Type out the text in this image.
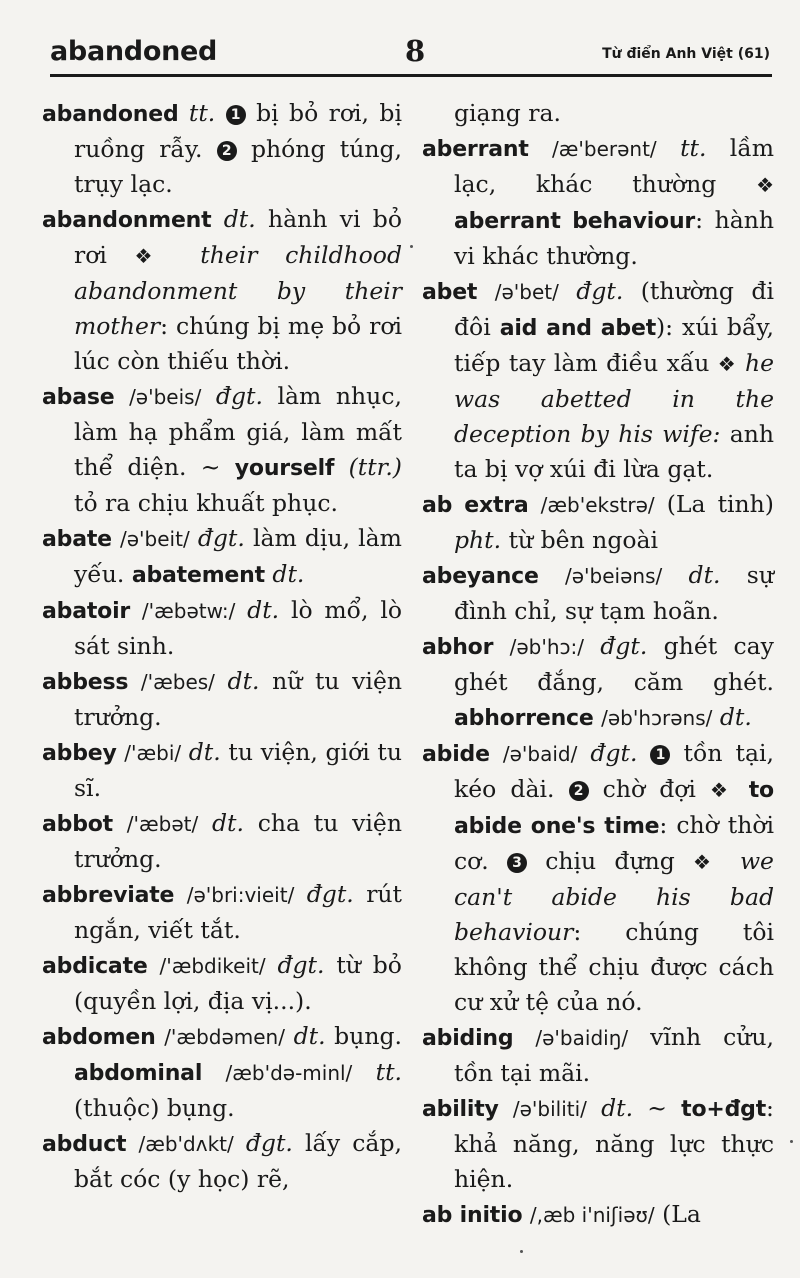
abandoned	8	Từ điển Anh Việt (61)

abandoned tt. 1 bị bỏ rơi, bị ruồng rẫy. 2 phóng túng, trụy lạc.

abandonment dt. hành vi bỏ rơi ❖ their childhood abandonment by their mother: chúng bị mẹ bỏ rơi lúc còn thiếu thời.

abase /ə'beis/ đgt. làm nhục, làm hạ phẩm giá, làm mất thể diện. ~ yourself (ttr.) tỏ ra chịu khuất phục.

abate /ə'beit/ đgt. làm dịu, làm yếu. abatement dt.

abatoir /'æbətw:/ dt. lò mổ, lò sát sinh.

abbess /'æbes/ dt. nữ tu viện trưởng.

abbey /'æbi/ dt. tu viện, giới tu sĩ.

abbot /'æbət/ dt. cha tu viện trưởng.

abbreviate /ə'bri:vieit/ đgt. rút ngắn, viết tắt.

abdicate /'æbdikeit/ đgt. từ bỏ (quyền lợi, địa vị...).

abdomen /'æbdəmen/ dt. bụng. abdominal /æb'də-minl/ tt. (thuộc) bụng.

abduct /æb'dʌkt/ đgt. lấy cắp, bắt cóc (y học) rẽ,

giạng ra.

aberrant /æ'berənt/ tt. lầm lạc, khác thường ❖ aberrant behaviour: hành vi khác thường.

abet /ə'bet/ đgt. (thường đi đôi aid and abet): xúi bẩy, tiếp tay làm điều xấu ❖ he was abetted in the deception by his wife: anh ta bị vợ xúi đi lừa gạt.

ab extra /æb'ekstrə/ (La tinh) pht. từ bên ngoài

abeyance /ə'beiəns/ dt. sự đình chỉ, sự tạm hoãn.

abhor /əb'hɔ:/ đgt. ghét cay ghét đắng, căm ghét. abhorrence /əb'hɔrəns/ dt.

abide /ə'baid/ đgt. 1 tồn tại, kéo dài. 2 chờ đợi ❖ to abide one's time: chờ thời cơ. 3 chịu đựng ❖ we can't abide his bad behaviour: chúng tôi không thể chịu được cách cư xử tệ của nó.

abiding /ə'baidiŋ/ vĩnh cửu, tồn tại mãi.

ability /ə'biliti/ dt. ~ to+đgt: khả năng, năng lực thực hiện.

ab initio /,æb i'niʃiəʊ/ (La
